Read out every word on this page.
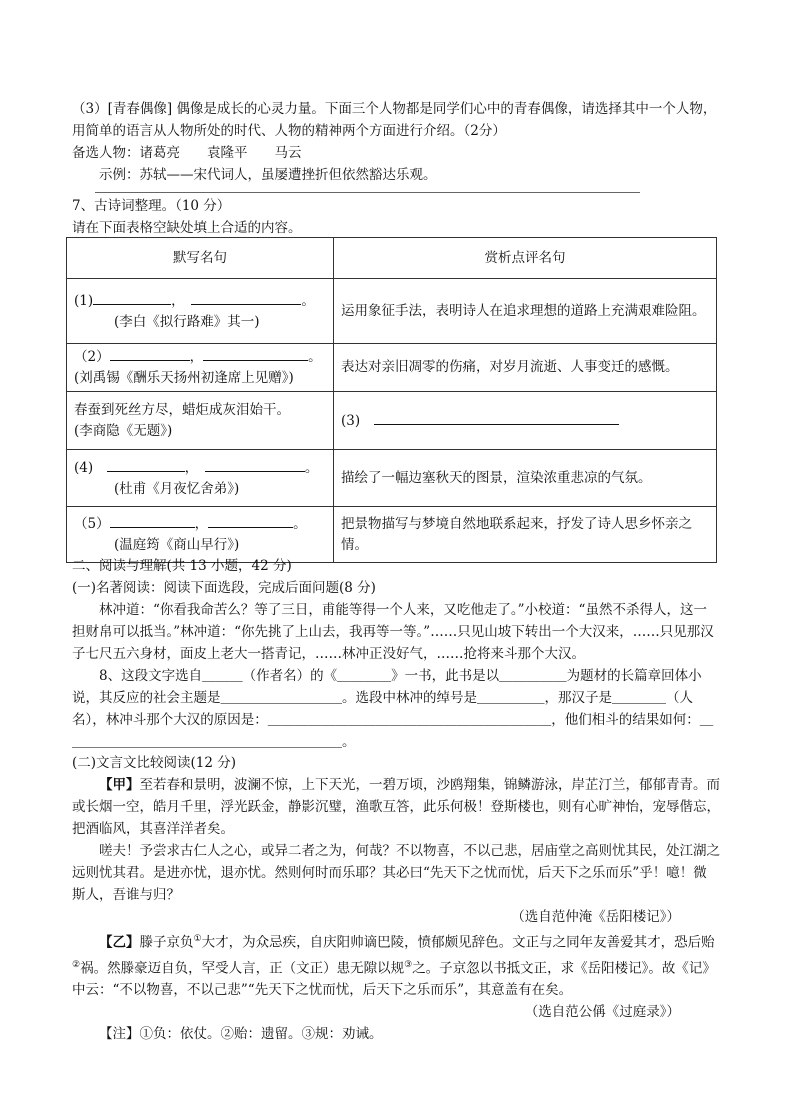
（3）[青春偶像] 偶像是成长的心灵力量。下面三个人物都是同学们心中的青春偶像，请选择其中一个人物，用简单的语言从人物所处的时代、人物的精神两个方面进行介绍。（2分）
备选人物：诸葛亮　　袁隆平　　马云
示例：苏轼——宋代词人，虽屡遭挫折但依然豁达乐观。
7、古诗词整理。（10 分）
请在下面表格空缺处填上合适的内容。
默写名句	赏析点评名句
(1) ，　 。
(李白《拟行路难》其一)	运用象征手法，表明诗人在追求理想的道路上充满艰难险阻。
（2） ， 。
(刘禹锡《酬乐天扬州初逢席上见赠》)	表达对亲旧凋零的伤痛，对岁月流逝、人事变迁的感慨。

春蚕到死丝方尽，蜡炬成灰泪始干。
(李商隐《无题》)	(3)　
(4)　 ，　 。
(杜甫《月夜忆舍弟》)	描绘了一幅边塞秋天的图景，渲染浓重悲凉的气氛。
（5） ， 。
(温庭筠《商山早行》)	把景物描写与梦境自然地联系起来，抒发了诗人思乡怀亲之情。
二、阅读与理解(共 13 小题，42 分)
(一)名著阅读：阅读下面选段，完成后面问题(8 分)
林冲道：“你看我命苦么？等了三日，甫能等得一个人来，又吃他走了。”小校道：“虽然不杀得人，这一担财帛可以抵当。”林冲道：“你先挑了上山去，我再等一等。”……只见山坡下转出一个大汉来，……只见那汉子七尺五六身材，面皮上老大一搭青记，……林冲正没好气，……抢将来斗那个大汉。
8、这段文字选自＿＿＿（作者名）的《＿＿＿＿》一书，此书是以＿＿＿＿＿为题材的长篇章回体小说，其反应的社会主题是＿＿＿＿＿＿＿＿＿。选段中林冲的绰号是＿＿＿＿＿，那汉子是＿＿＿＿（人名），林冲斗那个大汉的原因是：＿＿＿＿＿＿＿＿＿＿＿＿＿＿＿＿＿＿＿＿＿，他们相斗的结果如何：＿＿＿＿＿＿＿＿＿＿＿＿＿＿＿＿＿＿＿＿＿。
(二)文言文比较阅读(12 分)
【甲】至若春和景明，波澜不惊，上下天光，一碧万顷，沙鸥翔集，锦鳞游泳，岸芷汀兰，郁郁青青。而或长烟一空，皓月千里，浮光跃金，静影沉璧，渔歌互答，此乐何极！登斯楼也，则有心旷神怡，宠辱偕忘，把酒临风，其喜洋洋者矣。
嗟夫！予尝求古仁人之心，或异二者之为，何哉？不以物喜，不以己悲，居庙堂之高则忧其民，处江湖之远则忧其君。是进亦忧，退亦忧。然则何时而乐耶？其必曰“先天下之忧而忧，后天下之乐而乐”乎！噫！微斯人，吾谁与归？
（选自范仲淹《岳阳楼记》）
【乙】滕子京负①大才，为众忌疾，自庆阳帅谪巴陵，愤郁颇见辞色。文正与之同年友善爱其才，恐后贻②祸。然滕豪迈自负，罕受人言，正（文正）患无隙以规③之。子京忽以书抵文正，求《岳阳楼记》。故《记》中云：“不以物喜，不以己悲”“先天下之忧而忧，后天下之乐而乐”，其意盖有在矣。
（选自范公偁《过庭录》）
【注】①负：依仗。②贻：遗留。③规：劝诫。
